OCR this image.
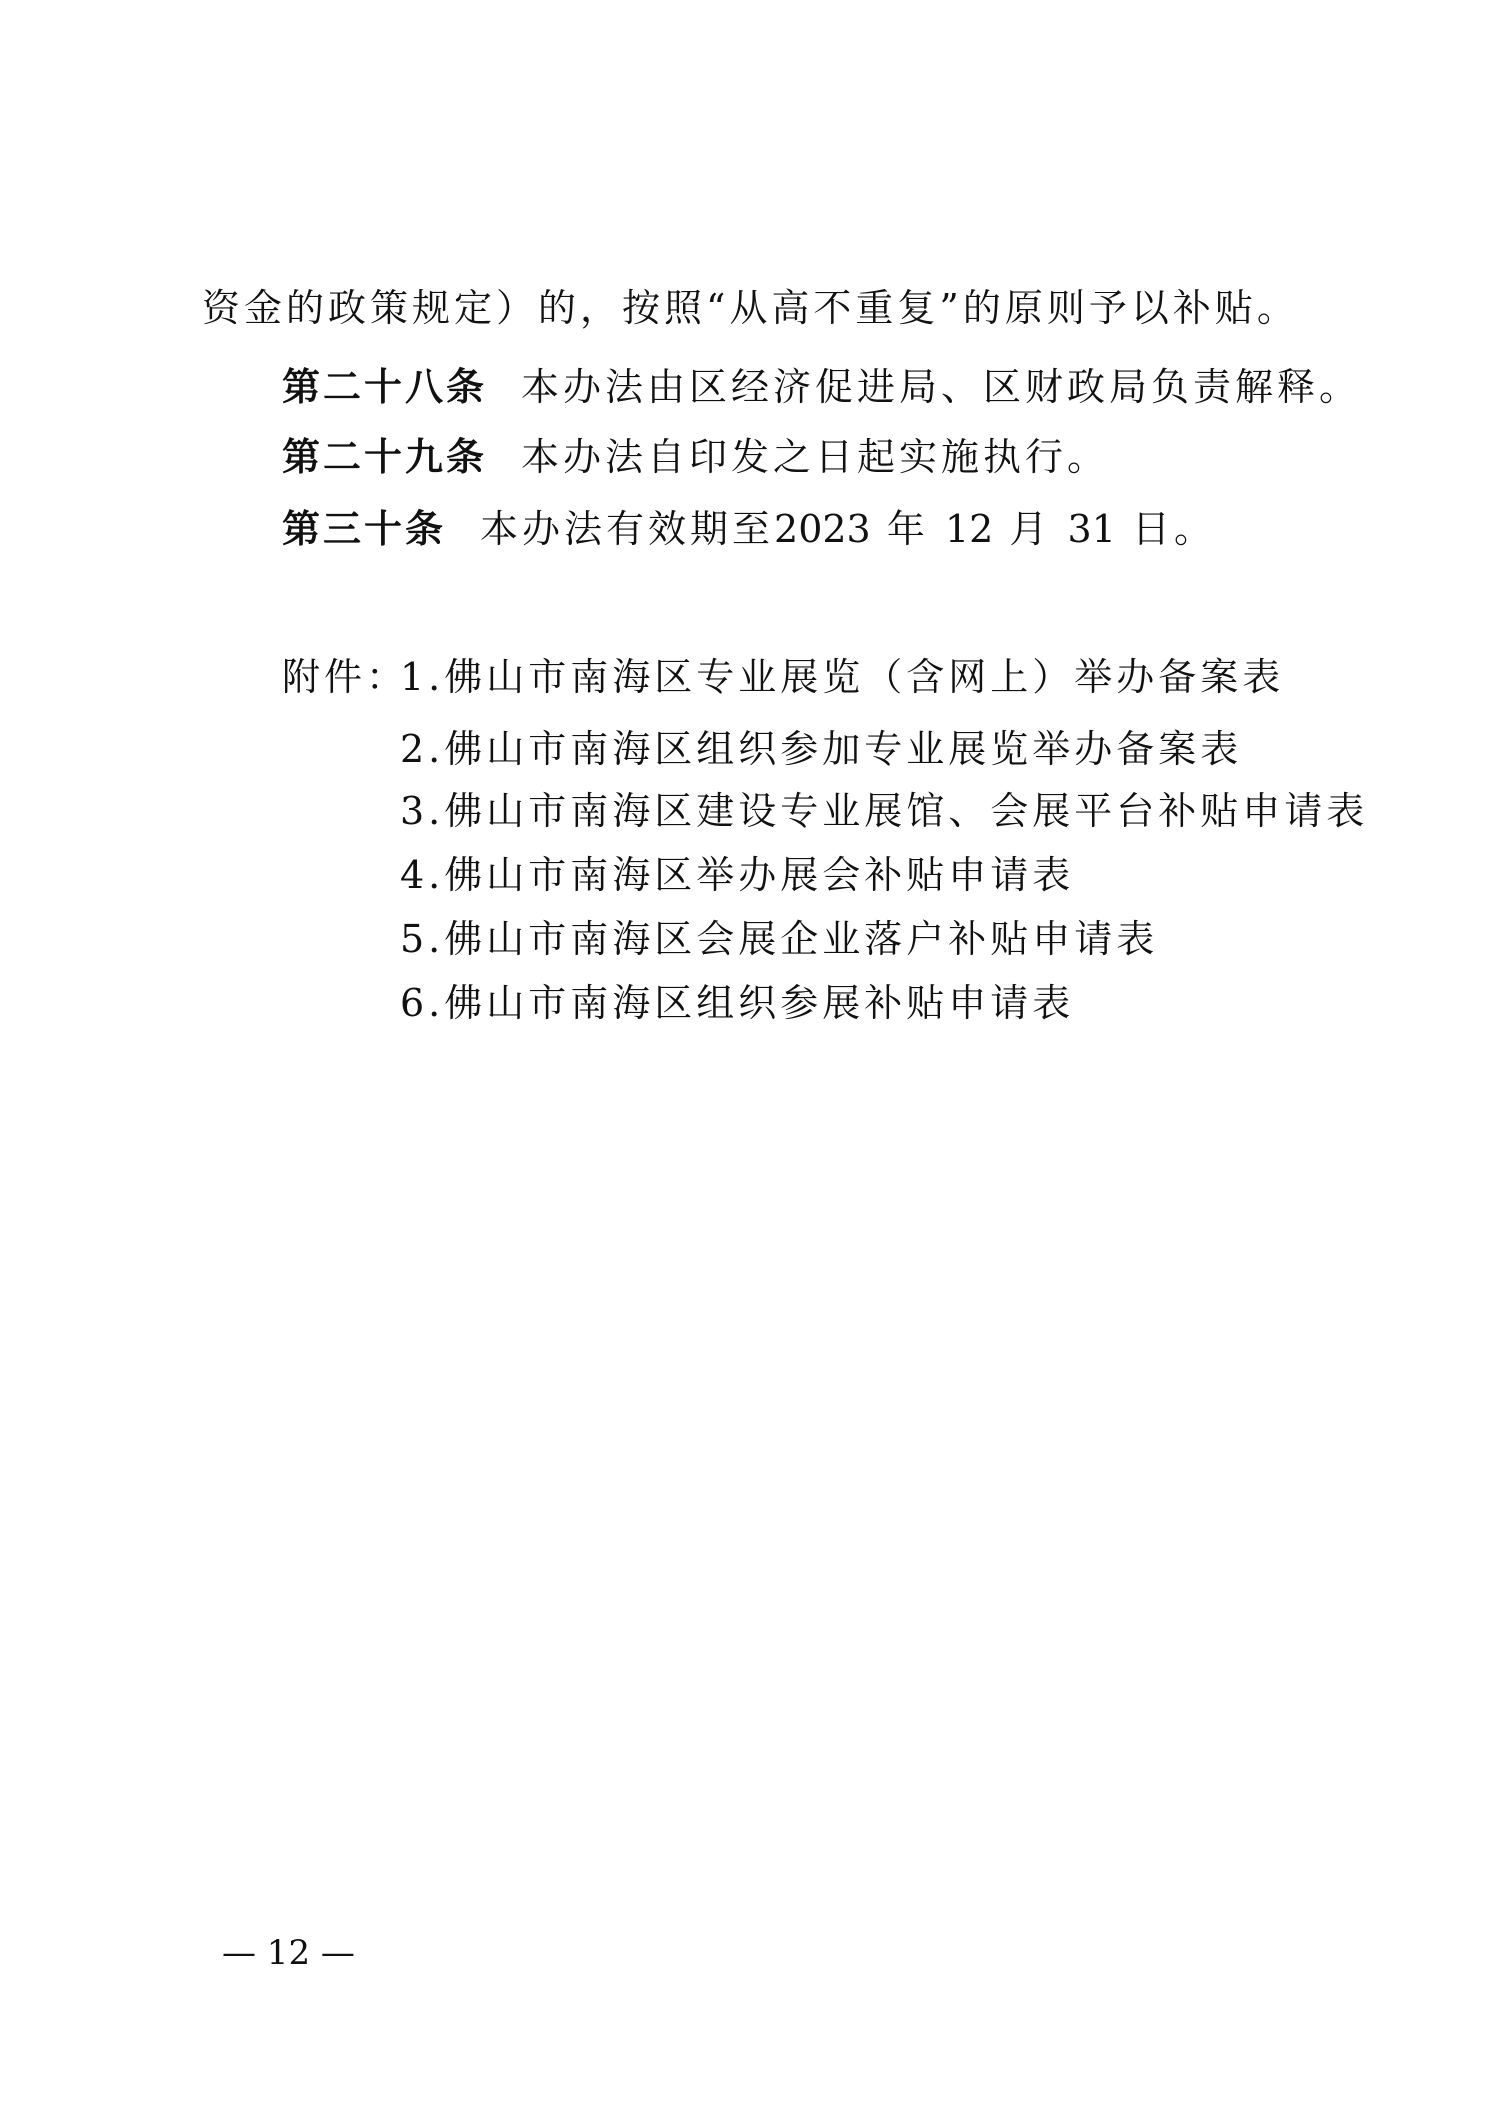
资金的政策规定）的，按照“从高不重复”的原则予以补贴。
第二十八条 本办法由区经济促进局、区财政局负责解释。
第二十九条 本办法自印发之日起实施执行。
第三十条 本办法有效期至2023 年 12 月 31 日。
附件：1.佛山市南海区专业展览（含网上）举办备案表
2.佛山市南海区组织参加专业展览举办备案表
3.佛山市南海区建设专业展馆、会展平台补贴申请表
4.佛山市南海区举办展会补贴申请表
5.佛山市南海区会展企业落户补贴申请表
6.佛山市南海区组织参展补贴申请表
— 12 —
